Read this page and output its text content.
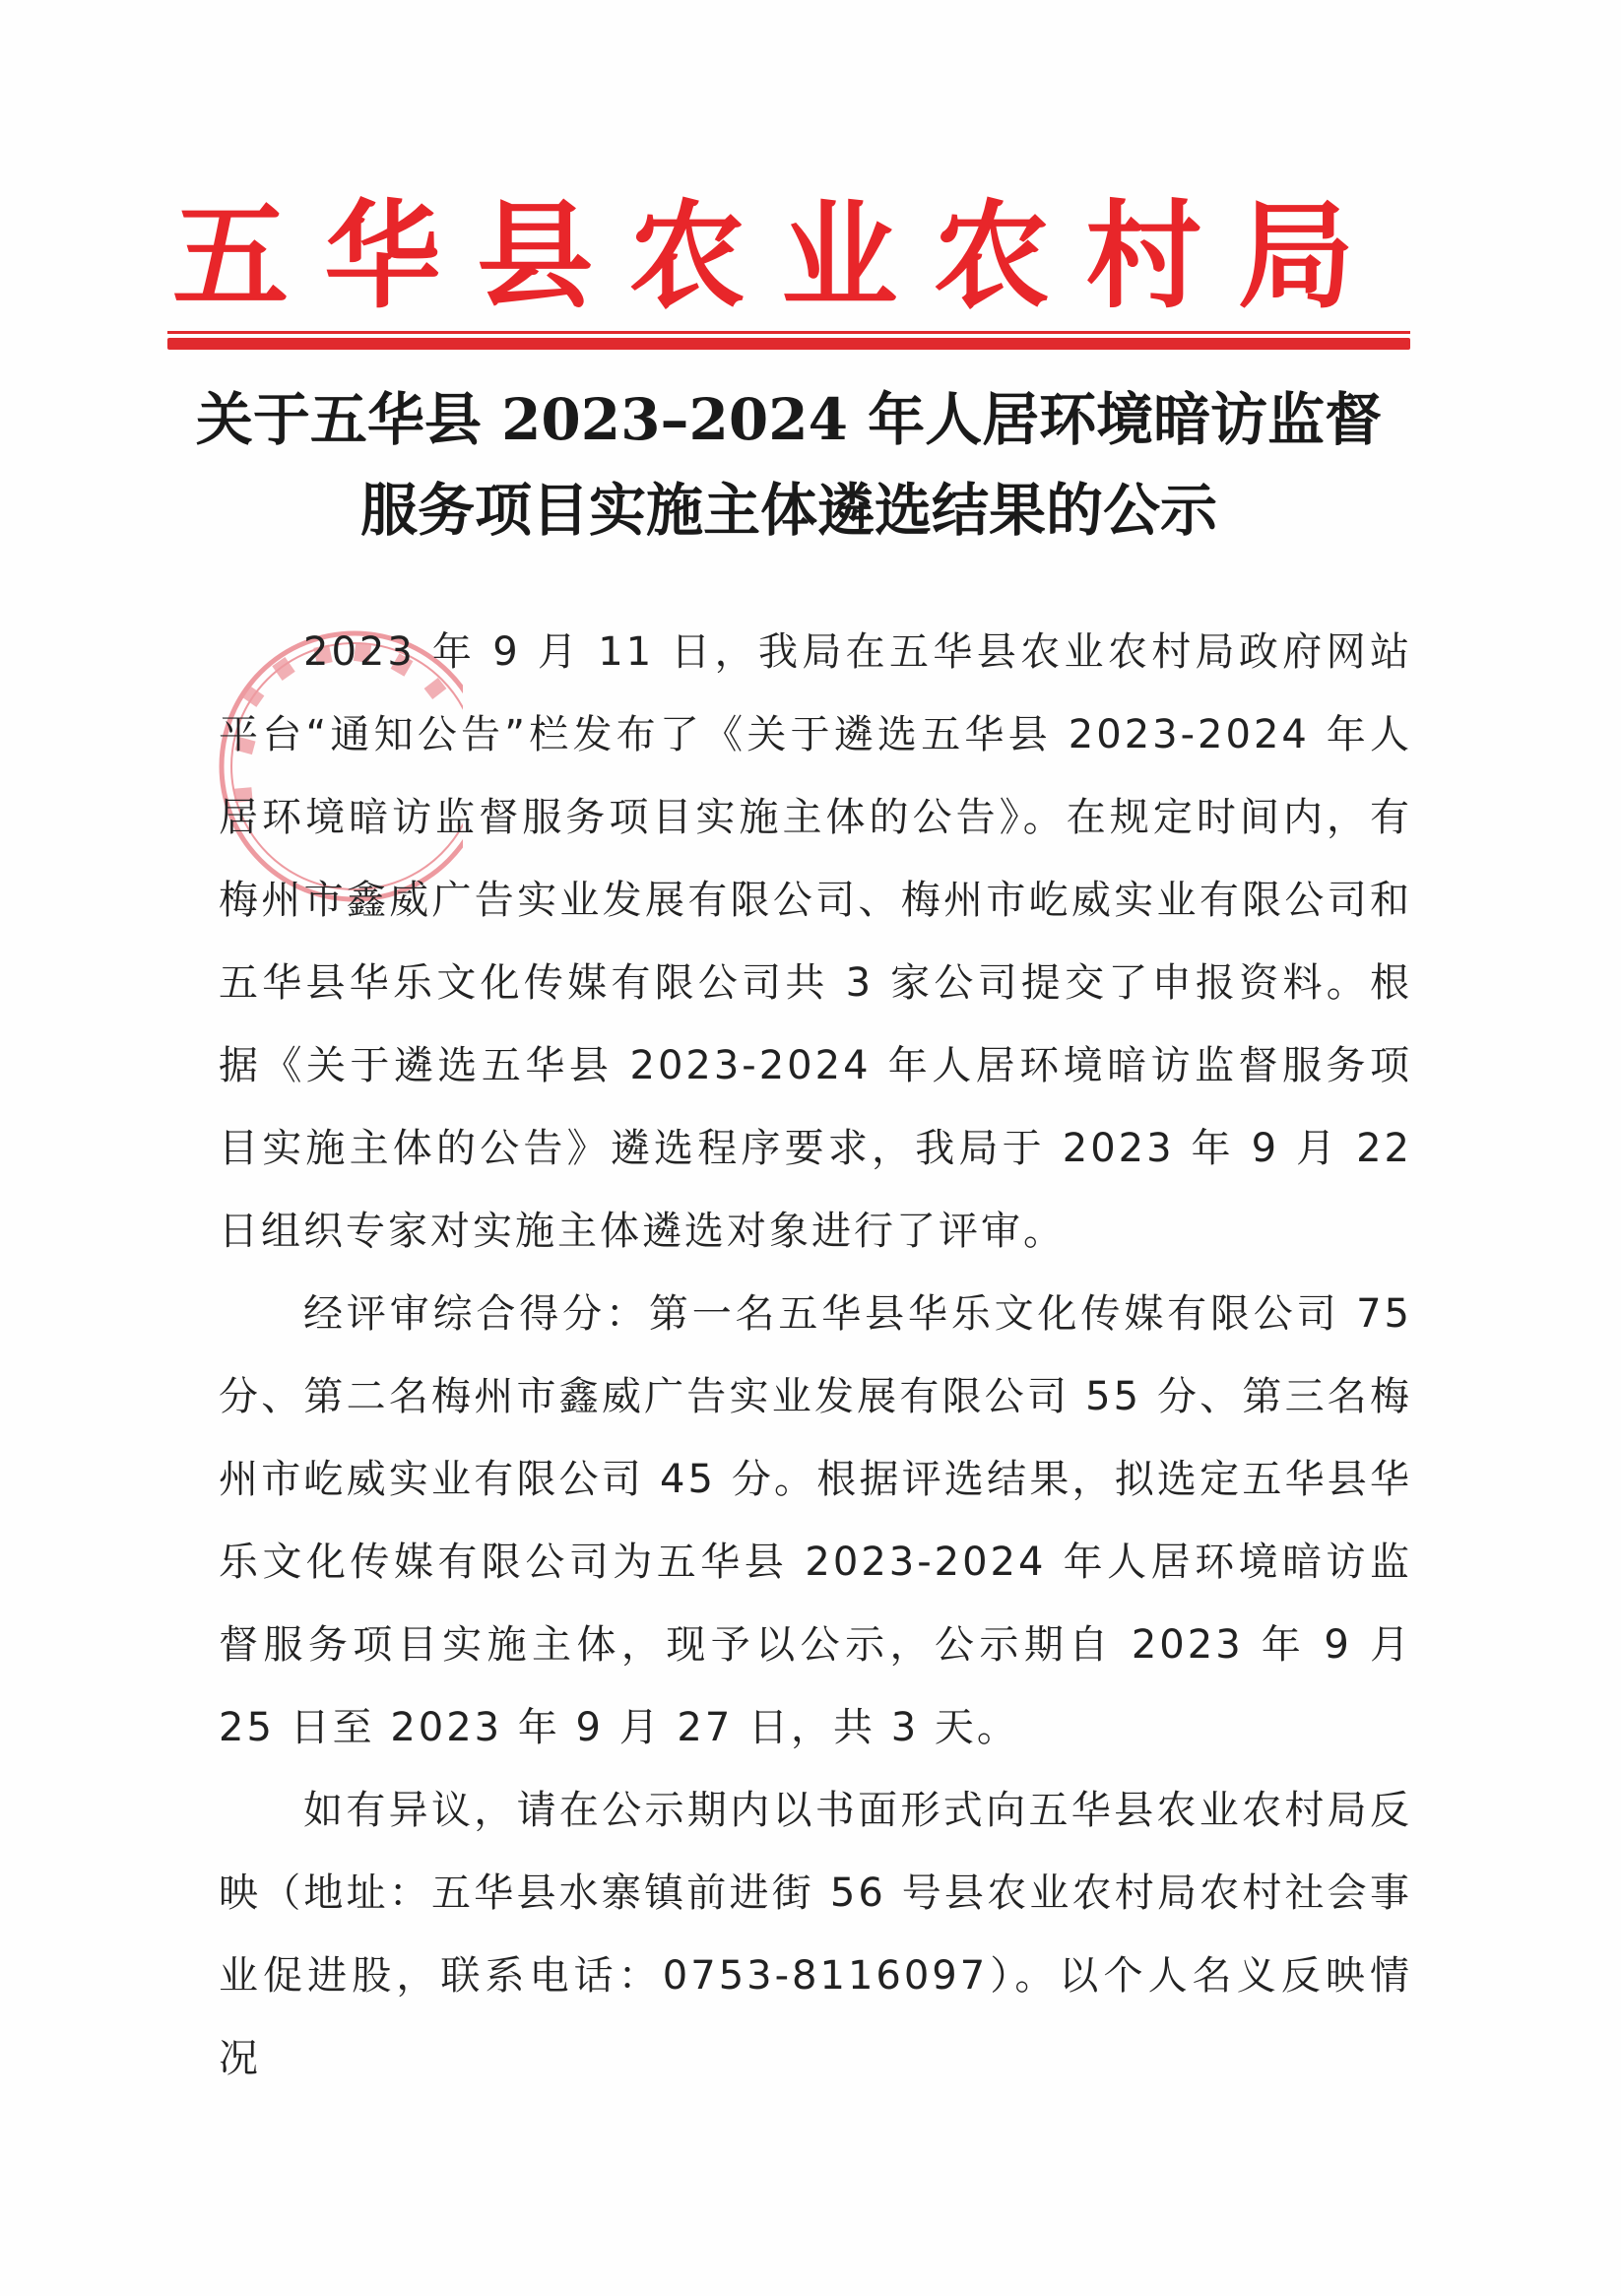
五 华 县 农 业 农 村 局
关于五华县 2023–2024 年人居环境暗访监督
服务项目实施主体遴选结果的公示

2023 年 9 月 11 日，我局在五华县农业农村局政府网站平台“通知公告”栏发布了《关于遴选五华县 2023-2024 年人居环境暗访监督服务项目实施主体的公告》。在规定时间内，有梅州市鑫威广告实业发展有限公司、梅州市屹威实业有限公司和五华县华乐文化传媒有限公司共 3 家公司提交了申报资料。根据《关于遴选五华县 2023-2024 年人居环境暗访监督服务项目实施主体的公告》遴选程序要求，我局于 2023 年 9 月 22 日组织专家对实施主体遴选对象进行了评审。

经评审综合得分：第一名五华县华乐文化传媒有限公司 75 分、第二名梅州市鑫威广告实业发展有限公司 55 分、第三名梅州市屹威实业有限公司 45 分。根据评选结果，拟选定五华县华乐文化传媒有限公司为五华县 2023-2024 年人居环境暗访监督服务项目实施主体，现予以公示，公示期自 2023 年 9 月 25 日至 2023 年 9 月 27 日，共 3 天。

如有异议，请在公示期内以书面形式向五华县农业农村局反映（地址：五华县水寨镇前进街 56 号县农业农村局农村社会事业促进股，联系电话：0753-8116097）。以个人名义反映情况
